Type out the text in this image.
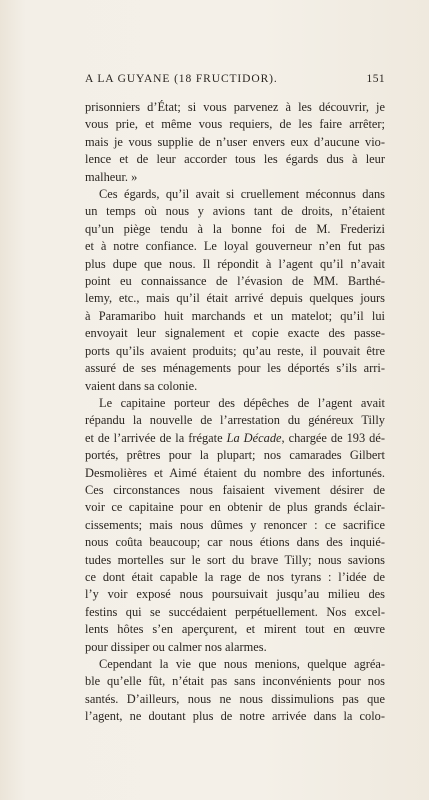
A LA GUYANE (18 FRUCTIDOR).	151

prisonniers d’État; si vous parvenez à les découvrir, je

vous prie, et même vous requiers, de les faire arrêter;

mais je vous supplie de n’user envers eux d’aucune vio-

lence et de leur accorder tous les égards dus à leur

malheur. »

Ces égards, qu’il avait si cruellement méconnus dans

un temps où nous y avions tant de droits, n’étaient

qu’un piège tendu à la bonne foi de M. Frederizi

et à notre confiance. Le loyal gouverneur n’en fut pas

plus dupe que nous. Il répondit à l’agent qu’il n’avait

point eu connaissance de l’évasion de MM. Barthé-

lemy, etc., mais qu’il était arrivé depuis quelques jours

à Paramaribo huit marchands et un matelot; qu’il lui

envoyait leur signalement et copie exacte des passe-

ports qu’ils avaient produits; qu’au reste, il pouvait être

assuré de ses ménagements pour les déportés s’ils arri-

vaient dans sa colonie.

Le capitaine porteur des dépêches de l’agent avait

répandu la nouvelle de l’arrestation du généreux Tilly

et de l’arrivée de la frégate La Décade, chargée de 193 dé-

portés, prêtres pour la plupart; nos camarades Gilbert

Desmolières et Aimé étaient du nombre des infortunés.

Ces circonstances nous faisaient vivement désirer de

voir ce capitaine pour en obtenir de plus grands éclair-

cissements; mais nous dûmes y renoncer : ce sacrifice

nous coûta beaucoup; car nous étions dans des inquié-

tudes mortelles sur le sort du brave Tilly; nous savions

ce dont était capable la rage de nos tyrans : l’idée de

l’y voir exposé nous poursuivait jusqu’au milieu des

festins qui se succédaient perpétuellement. Nos excel-

lents hôtes s’en aperçurent, et mirent tout en œuvre

pour dissiper ou calmer nos alarmes.

Cependant la vie que nous menions, quelque agréa-

ble qu’elle fût, n’était pas sans inconvénients pour nos

santés. D’ailleurs, nous ne nous dissimulions pas que

l’agent, ne doutant plus de notre arrivée dans la colo-
